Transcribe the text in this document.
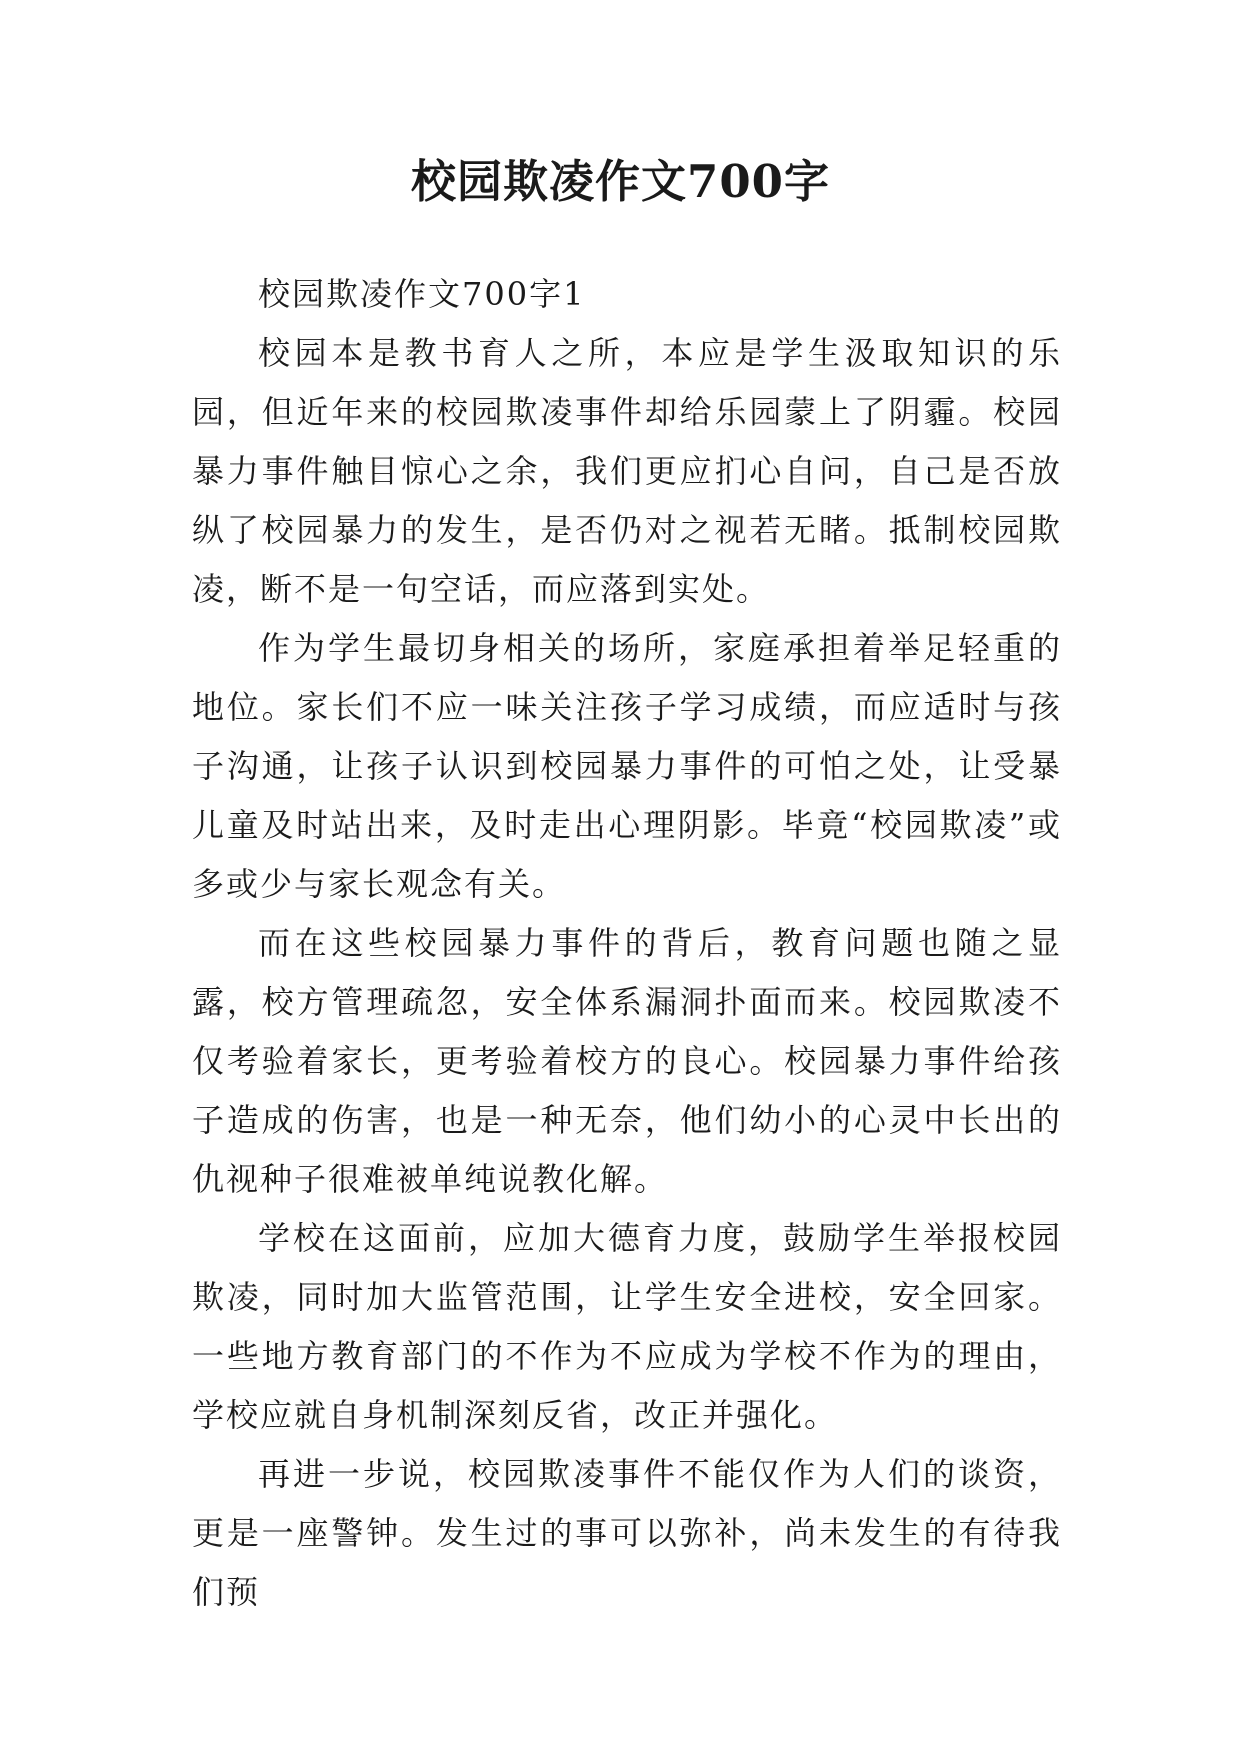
校园欺凌作文700字

校园欺凌作文700字1

校园本是教书育人之所，本应是学生汲取知识的乐园，但近年来的校园欺凌事件却给乐园蒙上了阴霾。校园暴力事件触目惊心之余，我们更应扪心自问，自己是否放纵了校园暴力的发生，是否仍对之视若无睹。抵制校园欺凌，断不是一句空话，而应落到实处。

作为学生最切身相关的场所，家庭承担着举足轻重的地位。家长们不应一味关注孩子学习成绩，而应适时与孩子沟通，让孩子认识到校园暴力事件的可怕之处，让受暴儿童及时站出来，及时走出心理阴影。毕竟“校园欺凌”或多或少与家长观念有关。

而在这些校园暴力事件的背后，教育问题也随之显露，校方管理疏忽，安全体系漏洞扑面而来。校园欺凌不仅考验着家长，更考验着校方的良心。校园暴力事件给孩子造成的伤害，也是一种无奈，他们幼小的心灵中长出的仇视种子很难被单纯说教化解。

学校在这面前，应加大德育力度，鼓励学生举报校园欺凌，同时加大监管范围，让学生安全进校，安全回家。一些地方教育部门的不作为不应成为学校不作为的理由，学校应就自身机制深刻反省，改正并强化。

再进一步说，校园欺凌事件不能仅作为人们的谈资，更是一座警钟。发生过的事可以弥补，尚未发生的有待我们预
